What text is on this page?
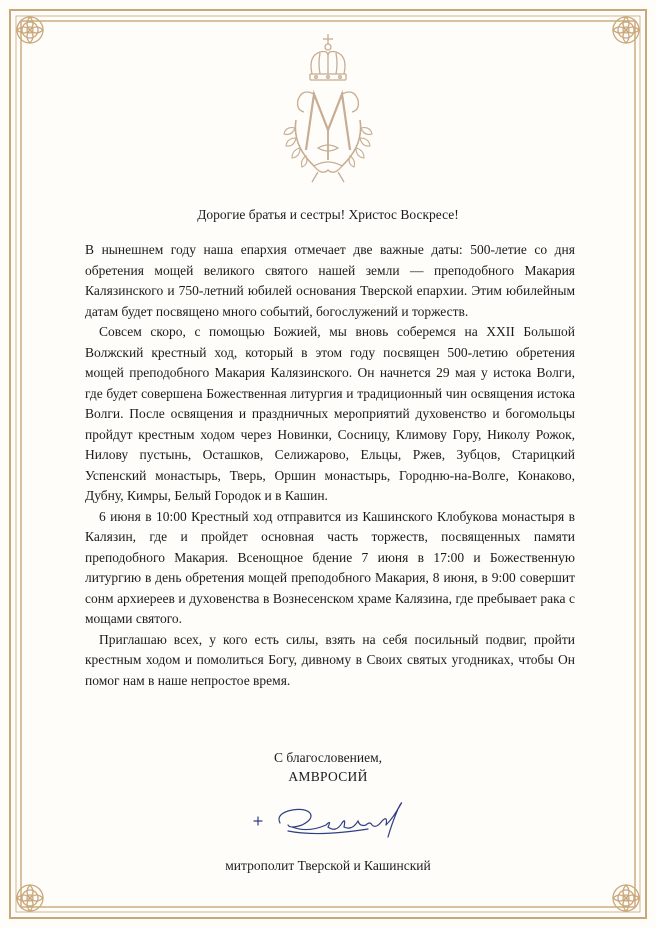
Дорогие братья и сестры! Христос Воскресе!

В нынешнем году наша епархия отмечает две важные даты: 500-летие со дня обретения мощей великого святого нашей земли — преподобного Макария Калязинского и 750-летний юбилей основания Тверской епархии. Этим юбилейным датам будет посвящено много событий, богослужений и торжеств.

Совсем скоро, с помощью Божией, мы вновь соберемся на XXII Большой Волжский крестный ход, который в этом году посвящен 500-летию обретения мощей преподобного Макария Калязинского. Он начнется 29 мая у истока Волги, где будет совершена Божественная литургия и традиционный чин освящения истока Волги. После освящения и праздничных мероприятий духовенство и богомольцы пройдут крестным ходом через Новинки, Сосницу, Климову Гору, Николу Рожок, Нилову пустынь, Осташков, Селижарово, Ельцы, Ржев, Зубцов, Старицкий Успенский монастырь, Тверь, Оршин монастырь, Городню-на-Волге, Конаково, Дубну, Кимры, Белый Городок и в Кашин.

6 июня в 10:00 Крестный ход отправится из Кашинского Клобукова монастыря в Калязин, где и пройдет основная часть торжеств, посвященных памяти преподобного Макария. Всенощное бдение 7 июня в 17:00 и Божественную литургию в день обретения мощей преподобного Макария, 8 июня, в 9:00 совершит сонм архиереев и духовенства в Вознесенском храме Калязина, где пребывает рака с мощами святого.

Приглашаю всех, у кого есть силы, взять на себя посильный подвиг, пройти крестным ходом и помолиться Богу, дивному в Своих святых угодниках, чтобы Он помог нам в наше непростое время.

С благословением,
АМВРОСИЙ
митрополит Тверской и Кашинский
